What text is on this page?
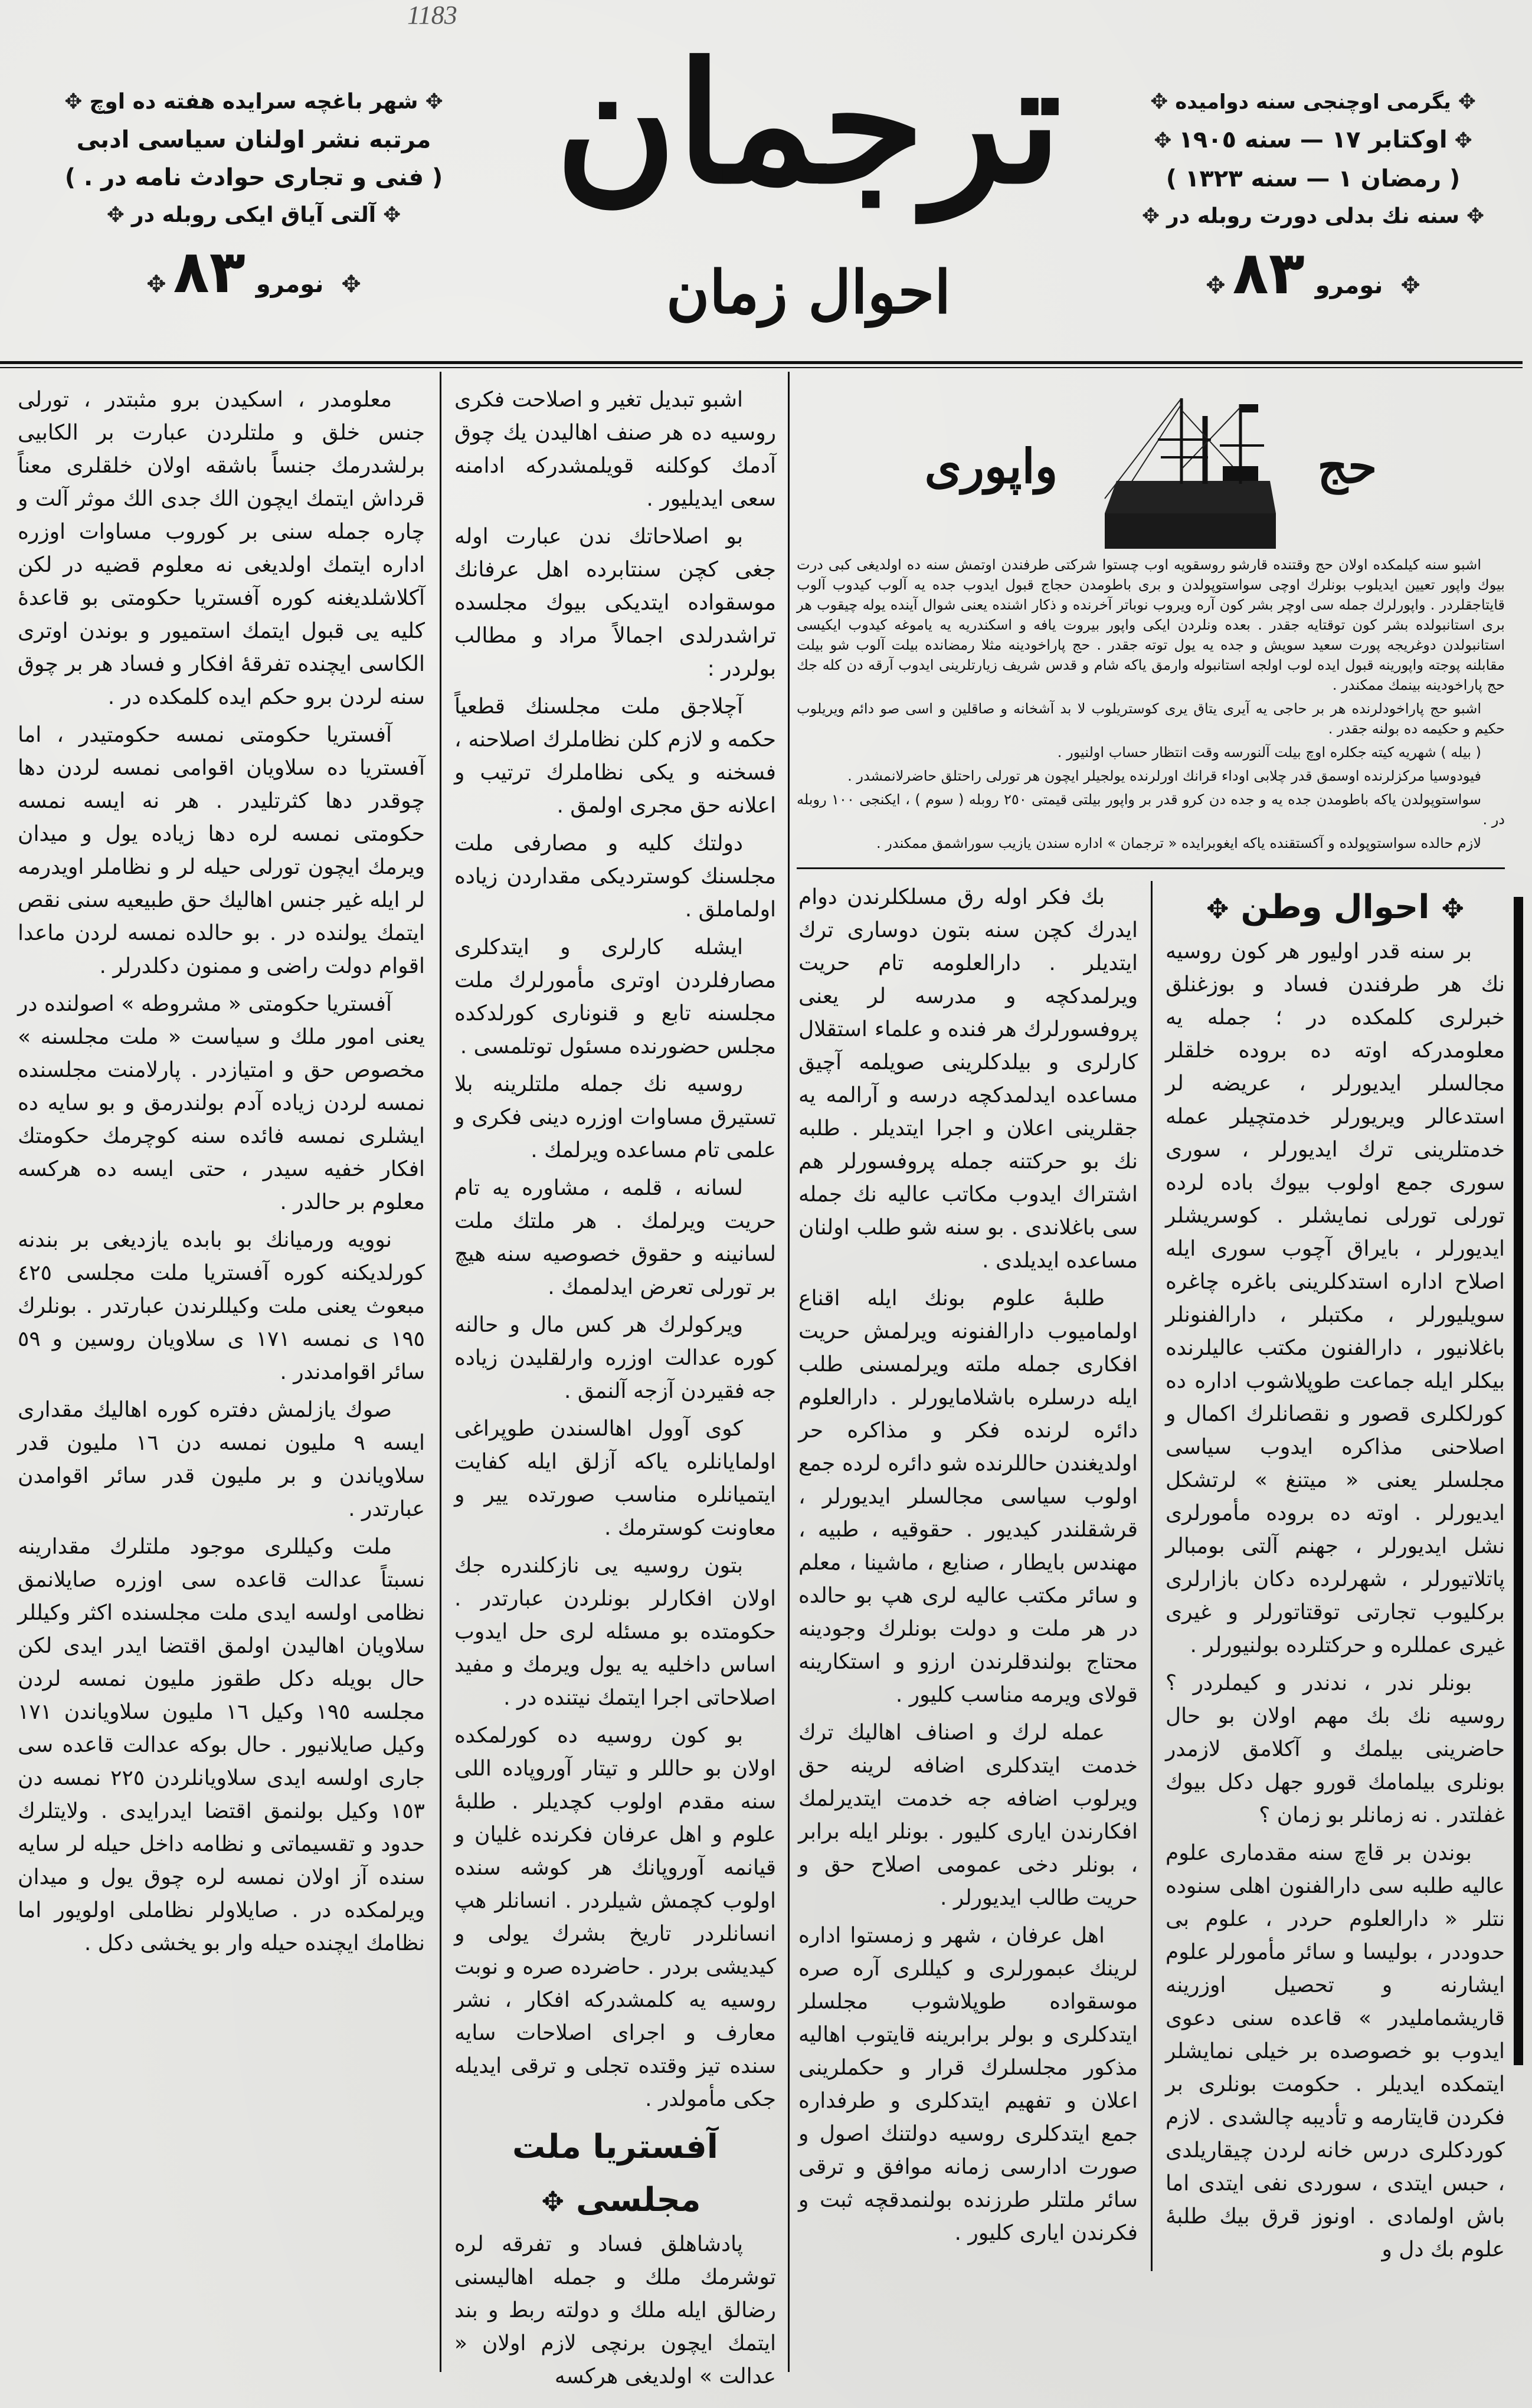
1183
✥شهر باغچه سرايده هفته ده اوچ✥
مرتبه نشر اولنان سياسى ادبى
( فنى و تجارى حوادث نامه در . )
✥آلتى آياق ايكى روبله در✥
✥نومرو٨٣✥
ترجمان
احوال زمان
✥يگرمى اوچنجى سنه دواميده✥
✥اوكتابر ١٧ — سنه ١٩٠٥✥
( رمضان ١ — سنه ١٣٢٣ )
✥سنه نك بدلى دورت روبله در✥
✥نومرو٨٣✥

معلومدر ، اسكيدن برو مثبتدر ، تورلى جنس خلق و ملتلردن عبارت بر الكابيى برلشدرمك جنساً باشقه اولان خلقلرى معناً قرداش ايتمك ايچون الك جدى الك موثر آلت و چاره جمله سنى بر كوروب مساوات اوزره اداره ايتمك اولديغى نه معلوم قضيه در لكن آكلاشلديغنه كوره آفستريا حكومتى بو قاعدهٔ كليه يى قبول ايتمك استميور و بوندن اوترى الكاسى ايچنده تفرقهٔ افكار و فساد هر بر چوق سنه لردن برو حكم ايده كلمكده در .

آفستريا حكومتى نمسه حكومتيدر ، اما آفستريا ده سلاويان اقوامى نمسه لردن دها چوقدر دها كثرتليدر . هر نه ايسه نمسه حكومتى نمسه لره دها زياده يول و ميدان ويرمك ايچون تورلى حيله لر و نظاملر اويدرمه لر ايله غير جنس اهاليك حق طبيعيه سنى نقص ايتمك يولنده در . بو حالده نمسه لردن ماعدا اقوام دولت راضى و ممنون دكلدرلر .

آفستريا حكومتى « مشروطه » اصولنده در يعنى امور ملك و سياست « ملت مجلسنه » مخصوص حق و امتيازدر . پارلامنت مجلسنده نمسه لردن زياده آدم بولندرمق و بو سايه ده ايشلرى نمسه فائده سنه كوچرمك حكومتك افكار خفيه سيدر ، حتى ايسه ده هركسه معلوم بر حالدر .

نوويه ورميانك بو بابده يازديغى بر بندنه كورلديكنه كوره آفستريا ملت مجلسى ٤٢٥ مبعوث يعنى ملت وكيللرندن عبارتدر . بونلرك ١٩٥ ى نمسه ١٧١ ى سلاويان روسين و ٥٩ سائر اقوامدندر .

صوك يازلمش دفتره كوره اهاليك مقدارى ايسه ٩ مليون نمسه دن ١٦ مليون قدر سلاوياندن و بر مليون قدر سائر اقوامدن عبارتدر .

ملت وكيللرى موجود ملتلرك مقدارينه نسبتاً عدالت قاعده سى اوزره صايلانمق نظامى اولسه ايدى ملت مجلسنده اكثر وكيللر سلاويان اهاليدن اولمق اقتضا ايدر ايدى لكن حال بويله دكل طقوز مليون نمسه لردن مجلسه ١٩٥ وكيل ١٦ مليون سلاوياندن ١٧١ وكيل صايلانيور . حال بوكه عدالت قاعده سى جارى اولسه ايدى سلاويانلردن ٢٢٥ نمسه دن ١٥٣ وكيل بولنمق اقتضا ايدرايدى . ولايتلرك حدود و تقسيماتى و نظامه داخل حيله لر سايه سنده آز اولان نمسه لره چوق يول و ميدان ويرلمكده در . صايلاولر نظاملى اولويور اما نظامك ايچنده حيله وار بو يخشى دكل .

اشبو تبديل تغير و اصلاحت فكرى روسيه ده هر صنف اهاليدن يك چوق آدمك كوكلنه قويلمشدركه ادامنه سعى ايديليور .

بو اصلاحاتك ندن عبارت اوله جغى كچن سنتابرده اهل عرفانك موسقواده ايتديكى بيوك مجلسده تراشدرلدى اجمالاً مراد و مطالب بولردر :

آچلاجق ملت مجلسنك قطعياً حكمه و لازم كلن نظاملرك اصلاحنه ، فسخنه و يكى نظاملرك ترتيب و اعلانه حق مجرى اولمق .

دولتك كليه و مصارفى ملت مجلسنك كوسترديكى مقداردن زياده اولماملق .

ايشله كارلرى و ايتدكلرى مصارفلردن اوترى مأمورلرك ملت مجلسنه تابع و قنونارى كورلدكده مجلس حضورنده مسئول توتلمسى .

روسيه نك جمله ملتلرينه بلا تستيرق مساوات اوزره دينى فكرى و علمى تام مساعده ويرلمك .

لسانه ، قلمه ، مشاوره يه تام حريت ويرلمك . هر ملتك ملت لسانينه و حقوق خصوصيه سنه هيچ بر تورلى تعرض ايدلممك .

ويركولرك هر كس مال و حالنه كوره عدالت اوزره وارلقليدن زياده جه فقيردن آزجه آلنمق .

كوى آوول اهالسندن طوپراغى اولمايانلره ياكه آزلق ايله كفايت ايتميانلره مناسب صورتده يير و معاونت كوسترمك .

بتون روسيه يى نازكلندره جك اولان افكارلر بونلردن عبارتدر . حكومتده بو مسئله لرى حل ايدوب اساس داخليه يه يول ويرمك و مفيد اصلاحاتى اجرا ايتمك نيتنده در .

بو كون روسيه ده كورلمكده اولان بو حاللر و تيتار آوروپاده اللى سنه مقدم اولوب كچديلر . طلبهٔ علوم و اهل عرفان فكرنده غليان و قيانمه آوروپانك هر كوشه سنده اولوب كچمش شيلردر . انسانلر هپ انسانلردر تاريخ بشرك يولى و كيديشى بردر . حاضرده صره و نوبت روسيه يه كلمشدركه افكار ، نشر معارف و اجراى اصلاحات سايه سنده تيز وقتده تجلى و ترقى ايديله جكى مأمولدر .

آفستريا ملت مجلسى✥

پادشاهلق فساد و تفرقه لره توشرمك ملك و جمله اهاليسنى رضالق ايله ملك و دولته ربط و بند ايتمك ايچون برنچى لازم اولان « عدالت » اولديغى هركسه

حج
واپورى

اشبو سنه كيلمكده اولان حج وقتنده قارشو روسقويه اوب چستوا شركتى طرفندن اوتمش سنه ده اولديغى كبى درت بيوك واپور تعيين ايديلوب بونلرك اوچى سواستوپولدن و برى باطومدن حجاج قبول ايدوب جده يه آلوب كيدوب آلوب قايتاجقلردر . واپورلرك جمله سى اوچر بشر كون آره ويروب نوباتر آخرنده و ذكار اشنده يعنى شوال آينده يوله چيقوب هر برى استانبولده بشر كون توقتايه جقدر . بعده ونلردن ايكى واپور بيروت يافه و اسكندريه يه ياموغه كيدوب ايكيسى استانبولدن دوغريجه پورت سعيد سويش و جده يه يول توته جقدر . حج پاراخودينه مثلا رمضانده بيلت آلوب شو بيلت مقابلنه پوجته واپورينه قبول ايده لوب اولجه استانبوله وارمق ياكه شام و قدس شريف زيارتلرينى ايدوب آرقه دن كله جك حج پاراخودينه بينمك ممكندر .

اشبو حج پاراخودلرنده هر بر حاجى يه آيرى يتاق يرى كوستريلوب لا بد آشخانه و صاقلين و اسى صو دائم ويريلوب حكيم و حكيمه ده بولنه جقدر .

( بيله ) شهريه كيته جكلره اوچ بيلت آلنورسه وقت انتظار حساب اولنيور .

فيودوسيا مركزلرنده اوسمق قدر چلابى اوداء قرانك اورلرنده يولجيلر ايچون هر تورلى راحتلق حاضرلانمشدر .

سواستوپولدن ياكه باطومدن جده يه و جده دن كرو قدر بر واپور بيلتى قيمتى ٢٥٠ روبله ( سوم ) ، ايكنجى ١٠٠ روبله در .

لازم حالده سواستوپولده و آكستقنده ياكه ايغوبرايده « ترجمان » اداره سندن يازيب سوراشمق ممكندر .

✥احوال وطن✥

بر سنه قدر اوليور هر كون روسيه نك هر طرفندن فساد و بوزغنلق خبرلرى كلمكده در ؛ جمله يه معلومدركه اوته ده بروده خلقلر مجالسلر ايديورلر ، عريضه لر استدعالر ويريورلر خدمتچيلر عمله خدمتلرينى ترك ايديورلر ، سورى سورى جمع اولوب بيوك باده لرده تورلى تورلى نمايشلر . كوسريشلر ايديورلر ، بايراق آچوب سورى ايله اصلاح اداره استدكلرينى باغره چاغره سويليورلر ، مكتبلر ، دارالفنونلر باغلانيور ، دارالفنون مكتب عاليلرنده بيكلر ايله جماعت طوپلاشوب اداره ده كورلكلرى قصور و نقصانلرك اكمال و اصلاحنى مذاكره ايدوب سياسى مجلسلر يعنى « ميتنغ » لرتشكل ايديورلر . اوته ده بروده مأمورلرى نشل ايديورلر ، جهنم آلتى بومبالر پاتلاتيورلر ، شهرلرده دكان بازارلرى بركليوب تجارتى توقتاتورلر و غيرى غيرى عمللره و حركتلرده بولنيورلر .

بونلر ندر ، ندندر و كيملردر ؟ روسيه نك بك مهم اولان بو حال حاضرينى بيلمك و آكلامق لازمدر بونلرى بيلمامك قورو جهل دكل بيوك غفلتدر . نه زمانلر بو زمان ؟

بوندن بر قاچ سنه مقدمارى علوم عاليه طلبه سى دارالفنون اهلى سنوده نتلر « دارالعلوم حردر ، علوم بى حدوددر ، بوليسا و سائر مأمورلر علوم ايشارنه و تحصيل اوزرينه قاريشمامليدر » قاعده سنى دعوى ايدوب بو خصوصده بر خيلى نمايشلر ايتمكده ايديلر . حكومت بونلرى بر فكردن قايتارمه و تأديبه چالشدى . لازم كوردكلرى درس خانه لردن چيقاريلدى ، حبس ايتدى ، سوردى نفى ايتدى اما باش اولمادى . اونوز قرق بيك طلبهٔ علوم بك دل و

بك فكر اوله رق مسلكلرندن دوام ايدرك كچن سنه بتون دوسارى ترك ايتديلر . دارالعلومه تام حريت ويرلمدكچه و مدرسه لر يعنى پروفسورلرك هر فنده و علماء استقلال كارلرى و بيلدكلرينى صويلمه آچيق مساعده ايدلمدكچه درسه و آرالمه يه جقلرينى اعلان و اجرا ايتديلر . طلبه نك بو حركتنه جمله پروفسورلر هم اشتراك ايدوب مكاتب عاليه نك جمله سى باغلاندى . بو سنه شو طلب اولنان مساعده ايديلدى .

طلبهٔ علوم بونك ايله اقناع اولماميوب دارالفنونه ويرلمش حريت افكارى جمله ملته ويرلمسنى طلب ايله درسلره باشلامايورلر . دارالعلوم دائره لرنده فكر و مذاكره حر اولديغندن حاللرنده شو دائره لرده جمع اولوب سياسى مجالسلر ايديورلر ، قرشقلندر كيديور . حقوقيه ، طبيه ، مهندس بايطار ، صنايع ، ماشينا ، معلم و سائر مكتب عاليه لرى هپ بو حالده در هر ملت و دولت بونلرك وجودينه محتاج بولندقلرندن ارزو و استكارينه قولاى ويرمه مناسب كليور .

عمله لرك و اصناف اهاليك ترك خدمت ايتدكلرى اضافه لرينه حق ويرلوب اضافه جه خدمت ايتديرلمك افكارندن ايارى كليور . بونلر ايله برابر ، بونلر دخى عمومى اصلاح حق و حريت طالب ايديورلر .

اهل عرفان ، شهر و زمستوا اداره لرينك عبمورلرى و كيللرى آره صره موسقواده طوپلاشوب مجلسلر ايتدكلرى و بولر برابرينه قايتوب اهاليه مذكور مجلسلرك قرار و حكملرينى اعلان و تفهيم ايتدكلرى و طرفداره جمع ايتدكلرى روسيه دولتنك اصول و صورت ادارسى زمانه موافق و ترقى سائر ملتلر طرزنده بولنمدقچه ثبت و فكرندن ايارى كليور .
